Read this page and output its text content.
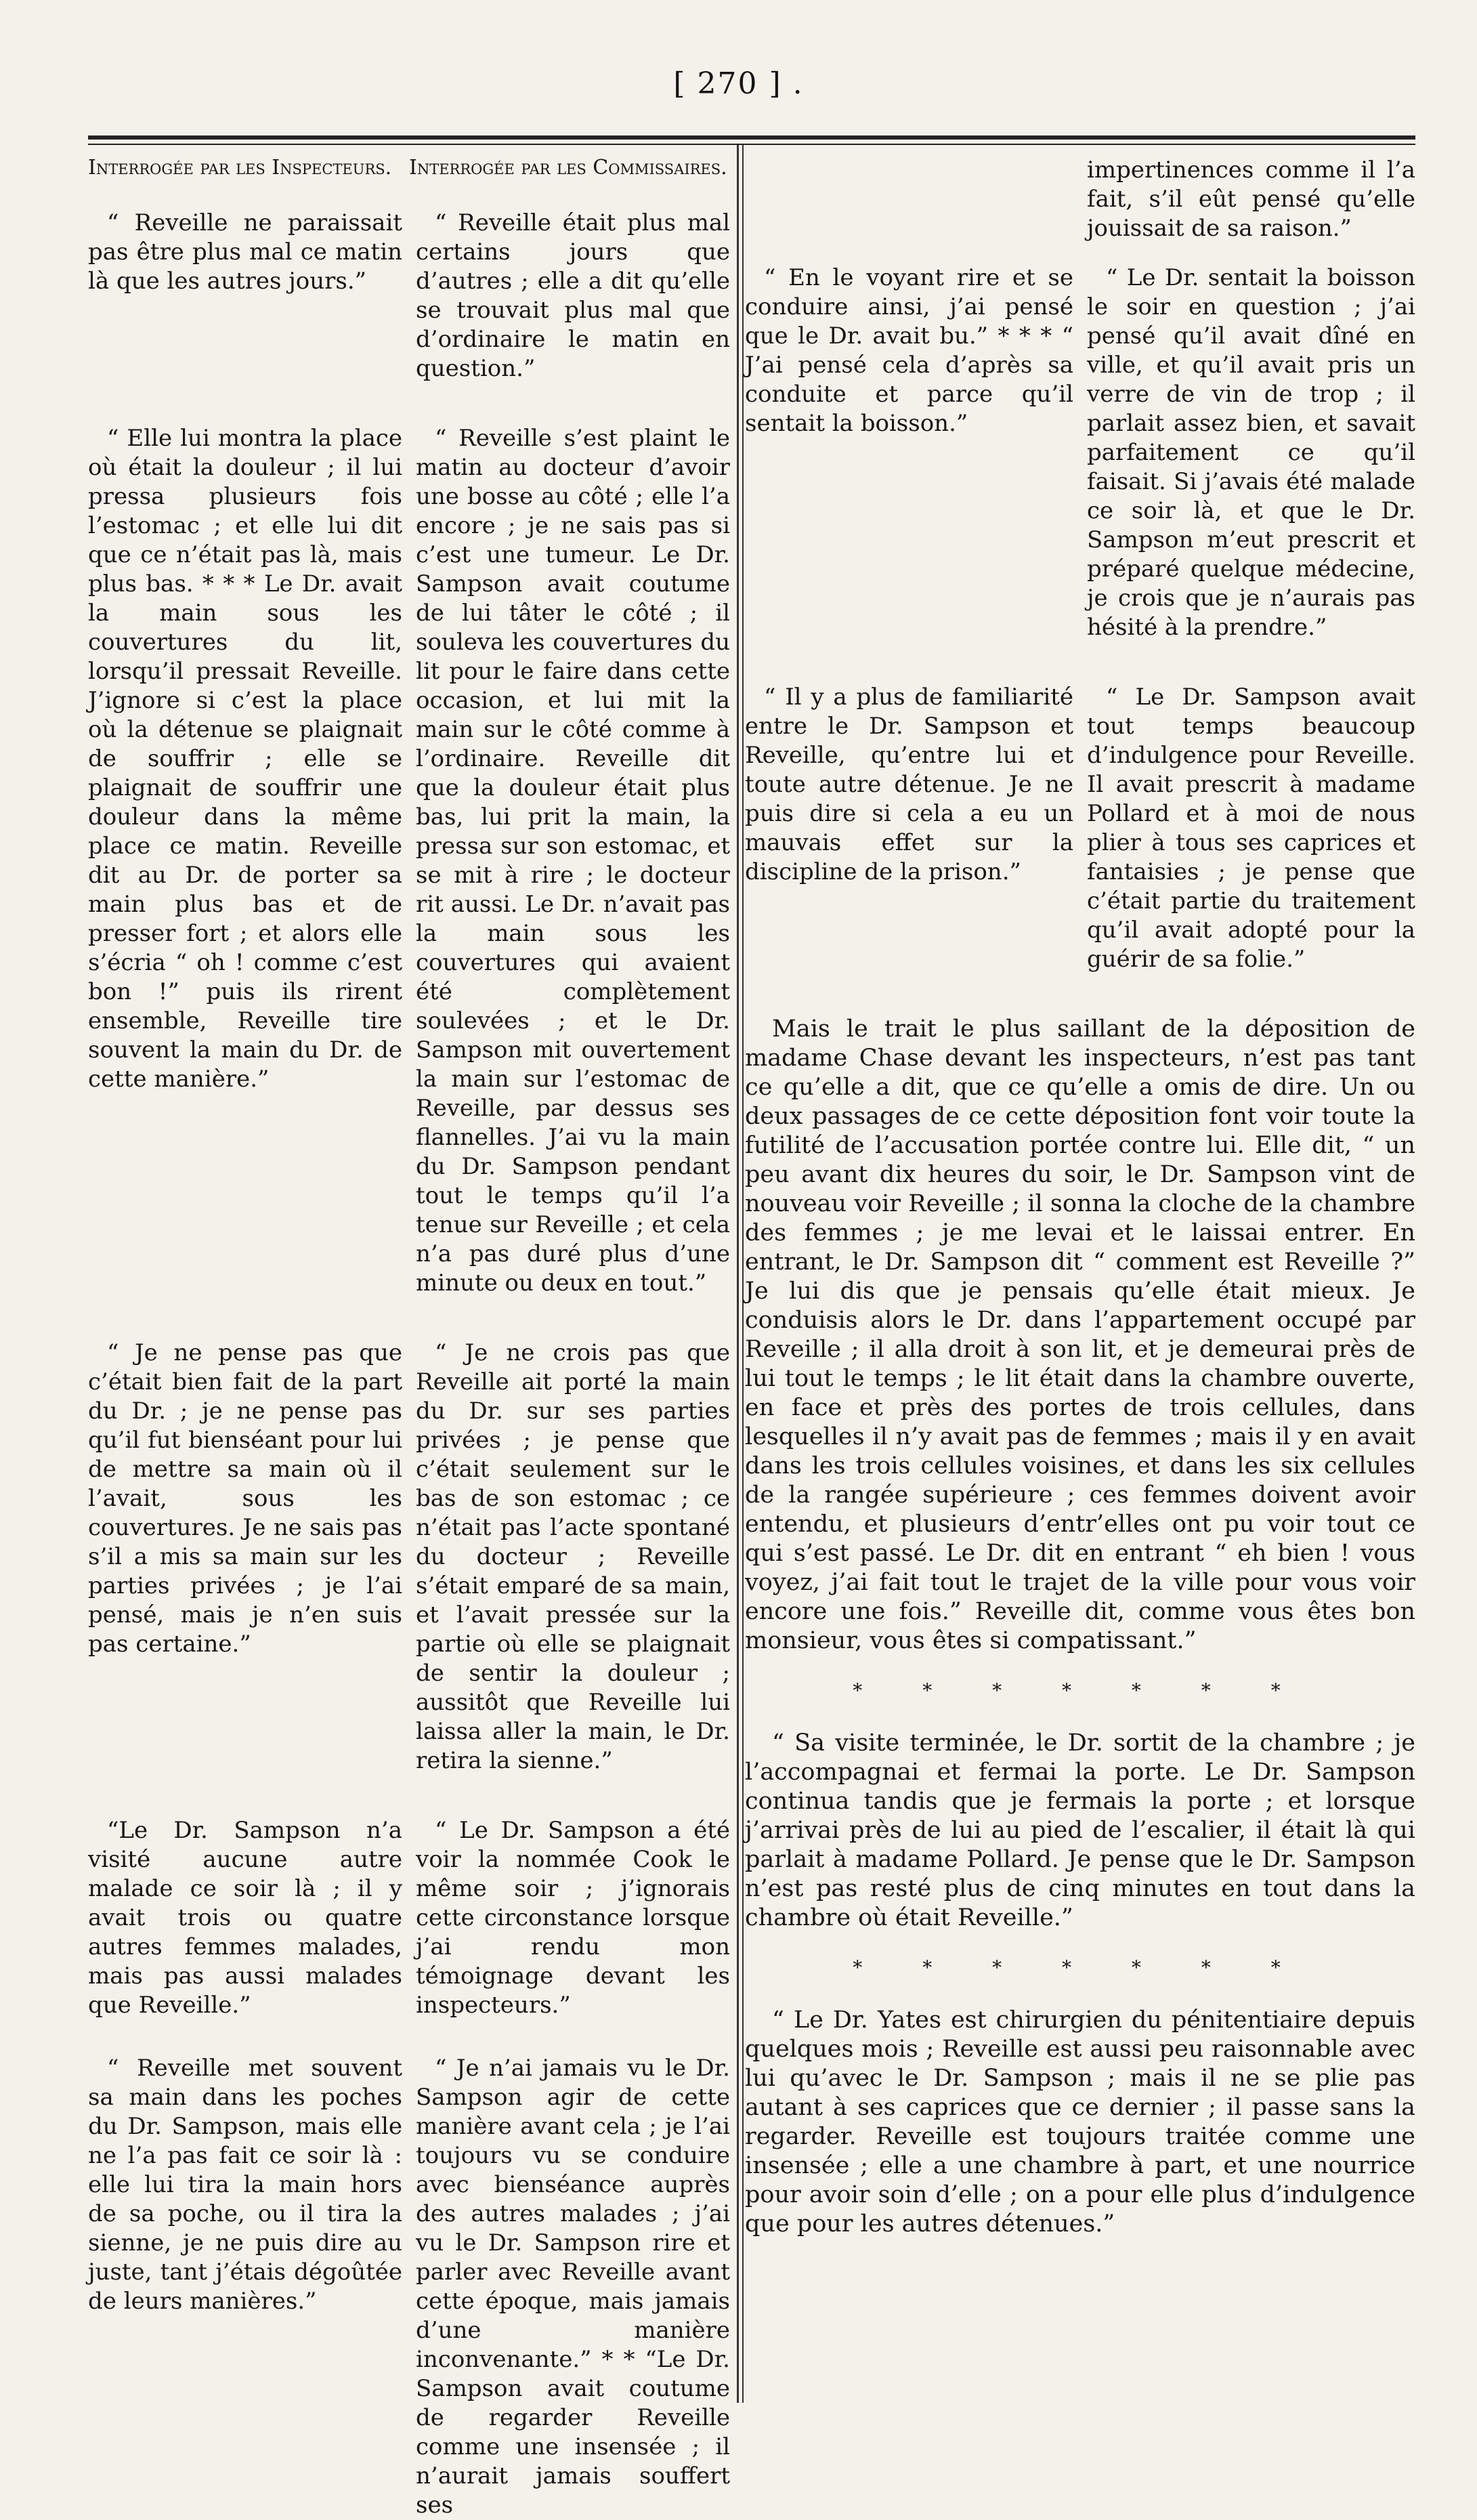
[ 270 ] .
Interrogée par les Inspecteurs. Interrogée par les Commissaires.

“ Reveille ne paraissait pas être plus mal ce matin là que les autres jours.”

“ Reveille était plus mal certains jours que d’autres ; elle a dit qu’elle se trouvait plus mal que d’ordinaire le matin en question.”

“ Elle lui montra la place où était la douleur ; il lui pressa plusieurs fois l’estomac ; et elle lui dit que ce n’était pas là, mais plus bas. * * * Le Dr. avait la main sous les couvertures du lit, lorsqu’il pressait Reveille. J’ignore si c’est la place où la détenue se plaignait de souffrir ; elle se plaignait de souffrir une douleur dans la même place ce matin. Reveille dit au Dr. de porter sa main plus bas et de presser fort ; et alors elle s’écria “ oh ! comme c’est bon !” puis ils rirent ensemble, Reveille tire souvent la main du Dr. de cette manière.”

“ Reveille s’est plaint le matin au docteur d’avoir une bosse au côté ; elle l’a encore ; je ne sais pas si c’est une tumeur. Le Dr. Sampson avait coutume de lui tâter le côté ; il souleva les couvertures du lit pour le faire dans cette occasion, et lui mit la main sur le côté comme à l’ordinaire. Reveille dit que la douleur était plus bas, lui prit la main, la pressa sur son estomac, et se mit à rire ; le docteur rit aussi. Le Dr. n’avait pas la main sous les couvertures qui avaient été complètement soulevées ; et le Dr. Sampson mit ouvertement la main sur l’estomac de Reveille, par dessus ses flannelles. J’ai vu la main du Dr. Sampson pendant tout le temps qu’il l’a tenue sur Reveille ; et cela n’a pas duré plus d’une minute ou deux en tout.”

“ Je ne pense pas que c’était bien fait de la part du Dr. ; je ne pense pas qu’il fut bienséant pour lui de mettre sa main où il l’avait, sous les couvertures. Je ne sais pas s’il a mis sa main sur les parties privées ; je l’ai pensé, mais je n’en suis pas certaine.”

“ Je ne crois pas que Reveille ait porté la main du Dr. sur ses parties privées ; je pense que c’était seulement sur le bas de son estomac ; ce n’était pas l’acte spontané du docteur ; Reveille s’était emparé de sa main, et l’avait pressée sur la partie où elle se plaignait de sentir la douleur ; aussitôt que Reveille lui laissa aller la main, le Dr. retira la sienne.”

“Le Dr. Sampson n’a visité aucune autre malade ce soir là ; il y avait trois ou quatre autres femmes malades, mais pas aussi malades que Reveille.”

“ Le Dr. Sampson a été voir la nommée Cook le même soir ; j’ignorais cette circonstance lorsque j’ai rendu mon témoignage devant les inspecteurs.”

“ Reveille met souvent sa main dans les poches du Dr. Sampson, mais elle ne l’a pas fait ce soir là : elle lui tira la main hors de sa poche, ou il tira la sienne, je ne puis dire au juste, tant j’étais dégoûtée de leurs manières.”

“ Je n’ai jamais vu le Dr. Sampson agir de cette manière avant cela ; je l’ai toujours vu se conduire avec bienséance auprès des autres malades ; j’ai vu le Dr. Sampson rire et parler avec Reveille avant cette époque, mais jamais d’une manière inconvenante.” * * “Le Dr. Sampson avait coutume de regarder Reveille comme une insensée ; il n’aurait jamais souffert ses

impertinences comme il l’a fait, s’il eût pensé qu’elle jouissait de sa raison.”

“ En le voyant rire et se conduire ainsi, j’ai pensé que le Dr. avait bu.” * * * “ J’ai pensé cela d’après sa conduite et parce qu’il sentait la boisson.”

“ Le Dr. sentait la boisson le soir en question ; j’ai pensé qu’il avait dîné en ville, et qu’il avait pris un verre de vin de trop ; il parlait assez bien, et savait parfaitement ce qu’il faisait. Si j’avais été malade ce soir là, et que le Dr. Sampson m’eut prescrit et préparé quelque médecine, je crois que je n’aurais pas hésité à la prendre.”

“ Il y a plus de familiarité entre le Dr. Sampson et Reveille, qu’entre lui et toute autre détenue. Je ne puis dire si cela a eu un mauvais effet sur la discipline de la prison.”

“ Le Dr. Sampson avait tout temps beaucoup d’indulgence pour Reveille. Il avait prescrit à madame Pollard et à moi de nous plier à tous ses caprices et fantaisies ; je pense que c’était partie du traitement qu’il avait adopté pour la guérir de sa folie.”

Mais le trait le plus saillant de la déposition de madame Chase devant les inspecteurs, n’est pas tant ce qu’elle a dit, que ce qu’elle a omis de dire. Un ou deux passages de ce cette déposition font voir toute la futilité de l’accusation portée contre lui. Elle dit, “ un peu avant dix heures du soir, le Dr. Sampson vint de nouveau voir Reveille ; il sonna la cloche de la chambre des femmes ; je me levai et le laissai entrer. En entrant, le Dr. Sampson dit “ comment est Reveille ?” Je lui dis que je pensais qu’elle était mieux. Je conduisis alors le Dr. dans l’appartement occupé par Reveille ; il alla droit à son lit, et je demeurai près de lui tout le temps ; le lit était dans la chambre ouverte, en face et près des portes de trois cellules, dans lesquelles il n’y avait pas de femmes ; mais il y en avait dans les trois cellules voisines, et dans les six cellules de la rangée supérieure ; ces femmes doivent avoir entendu, et plusieurs d’entr’elles ont pu voir tout ce qui s’est passé. Le Dr. dit en entrant “ eh bien ! vous voyez, j’ai fait tout le trajet de la ville pour vous voir encore une fois.” Reveille dit, comme vous êtes bon monsieur, vous êtes si compatissant.”

* * * * * * *

“ Sa visite terminée, le Dr. sortit de la chambre ; je l’accompagnai et fermai la porte. Le Dr. Sampson continua tandis que je fermais la porte ; et lorsque j’arrivai près de lui au pied de l’escalier, il était là qui parlait à madame Pollard. Je pense que le Dr. Sampson n’est pas resté plus de cinq minutes en tout dans la chambre où était Reveille.”

* * * * * * *

“ Le Dr. Yates est chirurgien du pénitentiaire depuis quelques mois ; Reveille est aussi peu raisonnable avec lui qu’avec le Dr. Sampson ; mais il ne se plie pas autant à ses caprices que ce dernier ; il passe sans la regarder. Reveille est toujours traitée comme une insensée ; elle a une chambre à part, et une nourrice pour avoir soin d’elle ; on a pour elle plus d’indulgence que pour les autres détenues.”
